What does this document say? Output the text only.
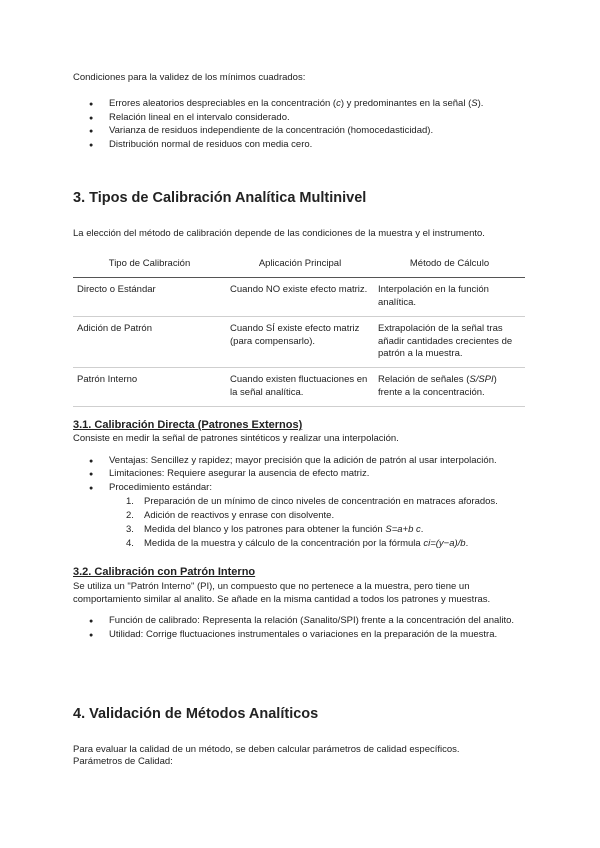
Condiciones para la validez de los mínimos cuadrados:

● Errores aleatorios despreciables en la concentración (c) y predominantes en la señal (S).
● Relación lineal en el intervalo considerado.
● Varianza de residuos independiente de la concentración (homocedasticidad).
● Distribución normal de residuos con media cero.
3. Tipos de Calibración Analítica Multinivel

La elección del método de calibración depende de las condiciones de la muestra y el instrumento.

Tipo de Calibración	Aplicación Principal	Método de Cálculo
Directo o Estándar	Cuando NO existe efecto matriz.	Interpolación en la función analítica.
Adición de Patrón	Cuando SÍ existe efecto matriz (para compensarlo).	Extrapolación de la señal tras añadir cantidades crecientes de patrón a la muestra.
Patrón Interno	Cuando existen fluctuaciones en la señal analítica.	Relación de señales (S/SPI) frente a la concentración.
3.1. Calibración Directa (Patrones Externos)

Consiste en medir la señal de patrones sintéticos y realizar una interpolación.

● Ventajas: Sencillez y rapidez; mayor precisión que la adición de patrón al usar interpolación.
● Limitaciones: Requiere asegurar la ausencia de efecto matriz.
● Procedimiento estándar:
1. Preparación de un mínimo de cinco niveles de concentración en matraces aforados.
2. Adición de reactivos y enrase con disolvente.
3. Medida del blanco y los patrones para obtener la función S=a+b c.
4. Medida de la muestra y cálculo de la concentración por la fórmula ci=(y−a)/b.
3.2. Calibración con Patrón Interno

Se utiliza un "Patrón Interno" (PI), un compuesto que no pertenece a la muestra, pero tiene un comportamiento similar al analito. Se añade en la misma cantidad a todos los patrones y muestras.

● Función de calibrado: Representa la relación (Sanalito/SPI) frente a la concentración del analito.
● Utilidad: Corrige fluctuaciones instrumentales o variaciones en la preparación de la muestra.
4. Validación de Métodos Analíticos

Para evaluar la calidad de un método, se deben calcular parámetros de calidad específicos.

Parámetros de Calidad:
